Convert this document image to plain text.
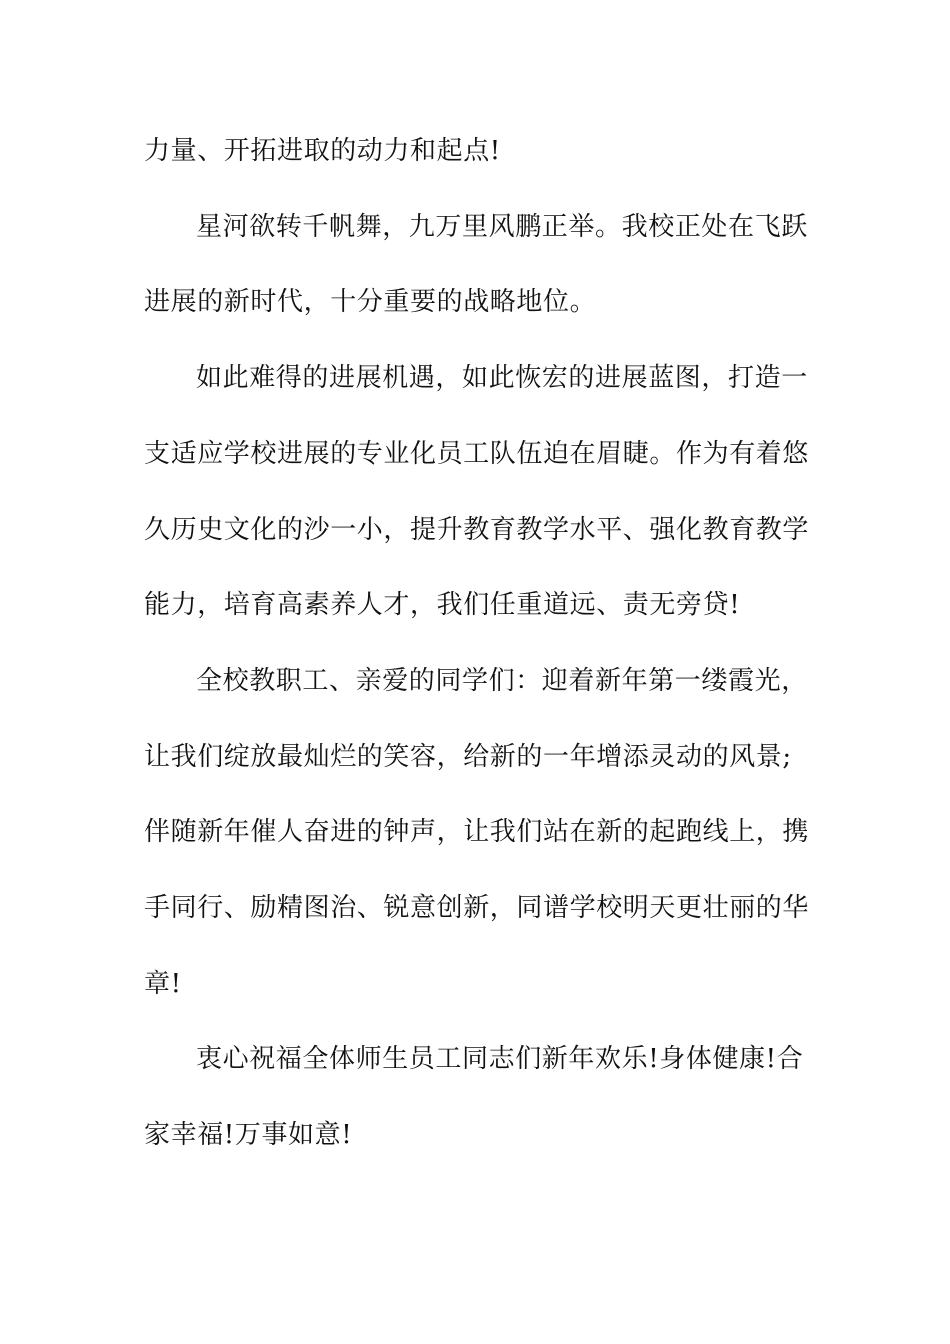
力量、开拓进取的动力和起点!

星河欲转千帆舞，九万里风鹏正举。我校正处在飞跃进展的新时代，十分重要的战略地位。

如此难得的进展机遇，如此恢宏的进展蓝图，打造一支适应学校进展的专业化员工队伍迫在眉睫。作为有着悠久历史文化的沙一小，提升教育教学水平、强化教育教学能力，培育高素养人才，我们任重道远、责无旁贷!

全校教职工、亲爱的同学们：迎着新年第一缕霞光，让我们绽放最灿烂的笑容，给新的一年增添灵动的风景;伴随新年催人奋进的钟声，让我们站在新的起跑线上，携手同行、励精图治、锐意创新，同谱学校明天更壮丽的华章!

衷心祝福全体师生员工同志们新年欢乐!身体健康!合家幸福!万事如意!
